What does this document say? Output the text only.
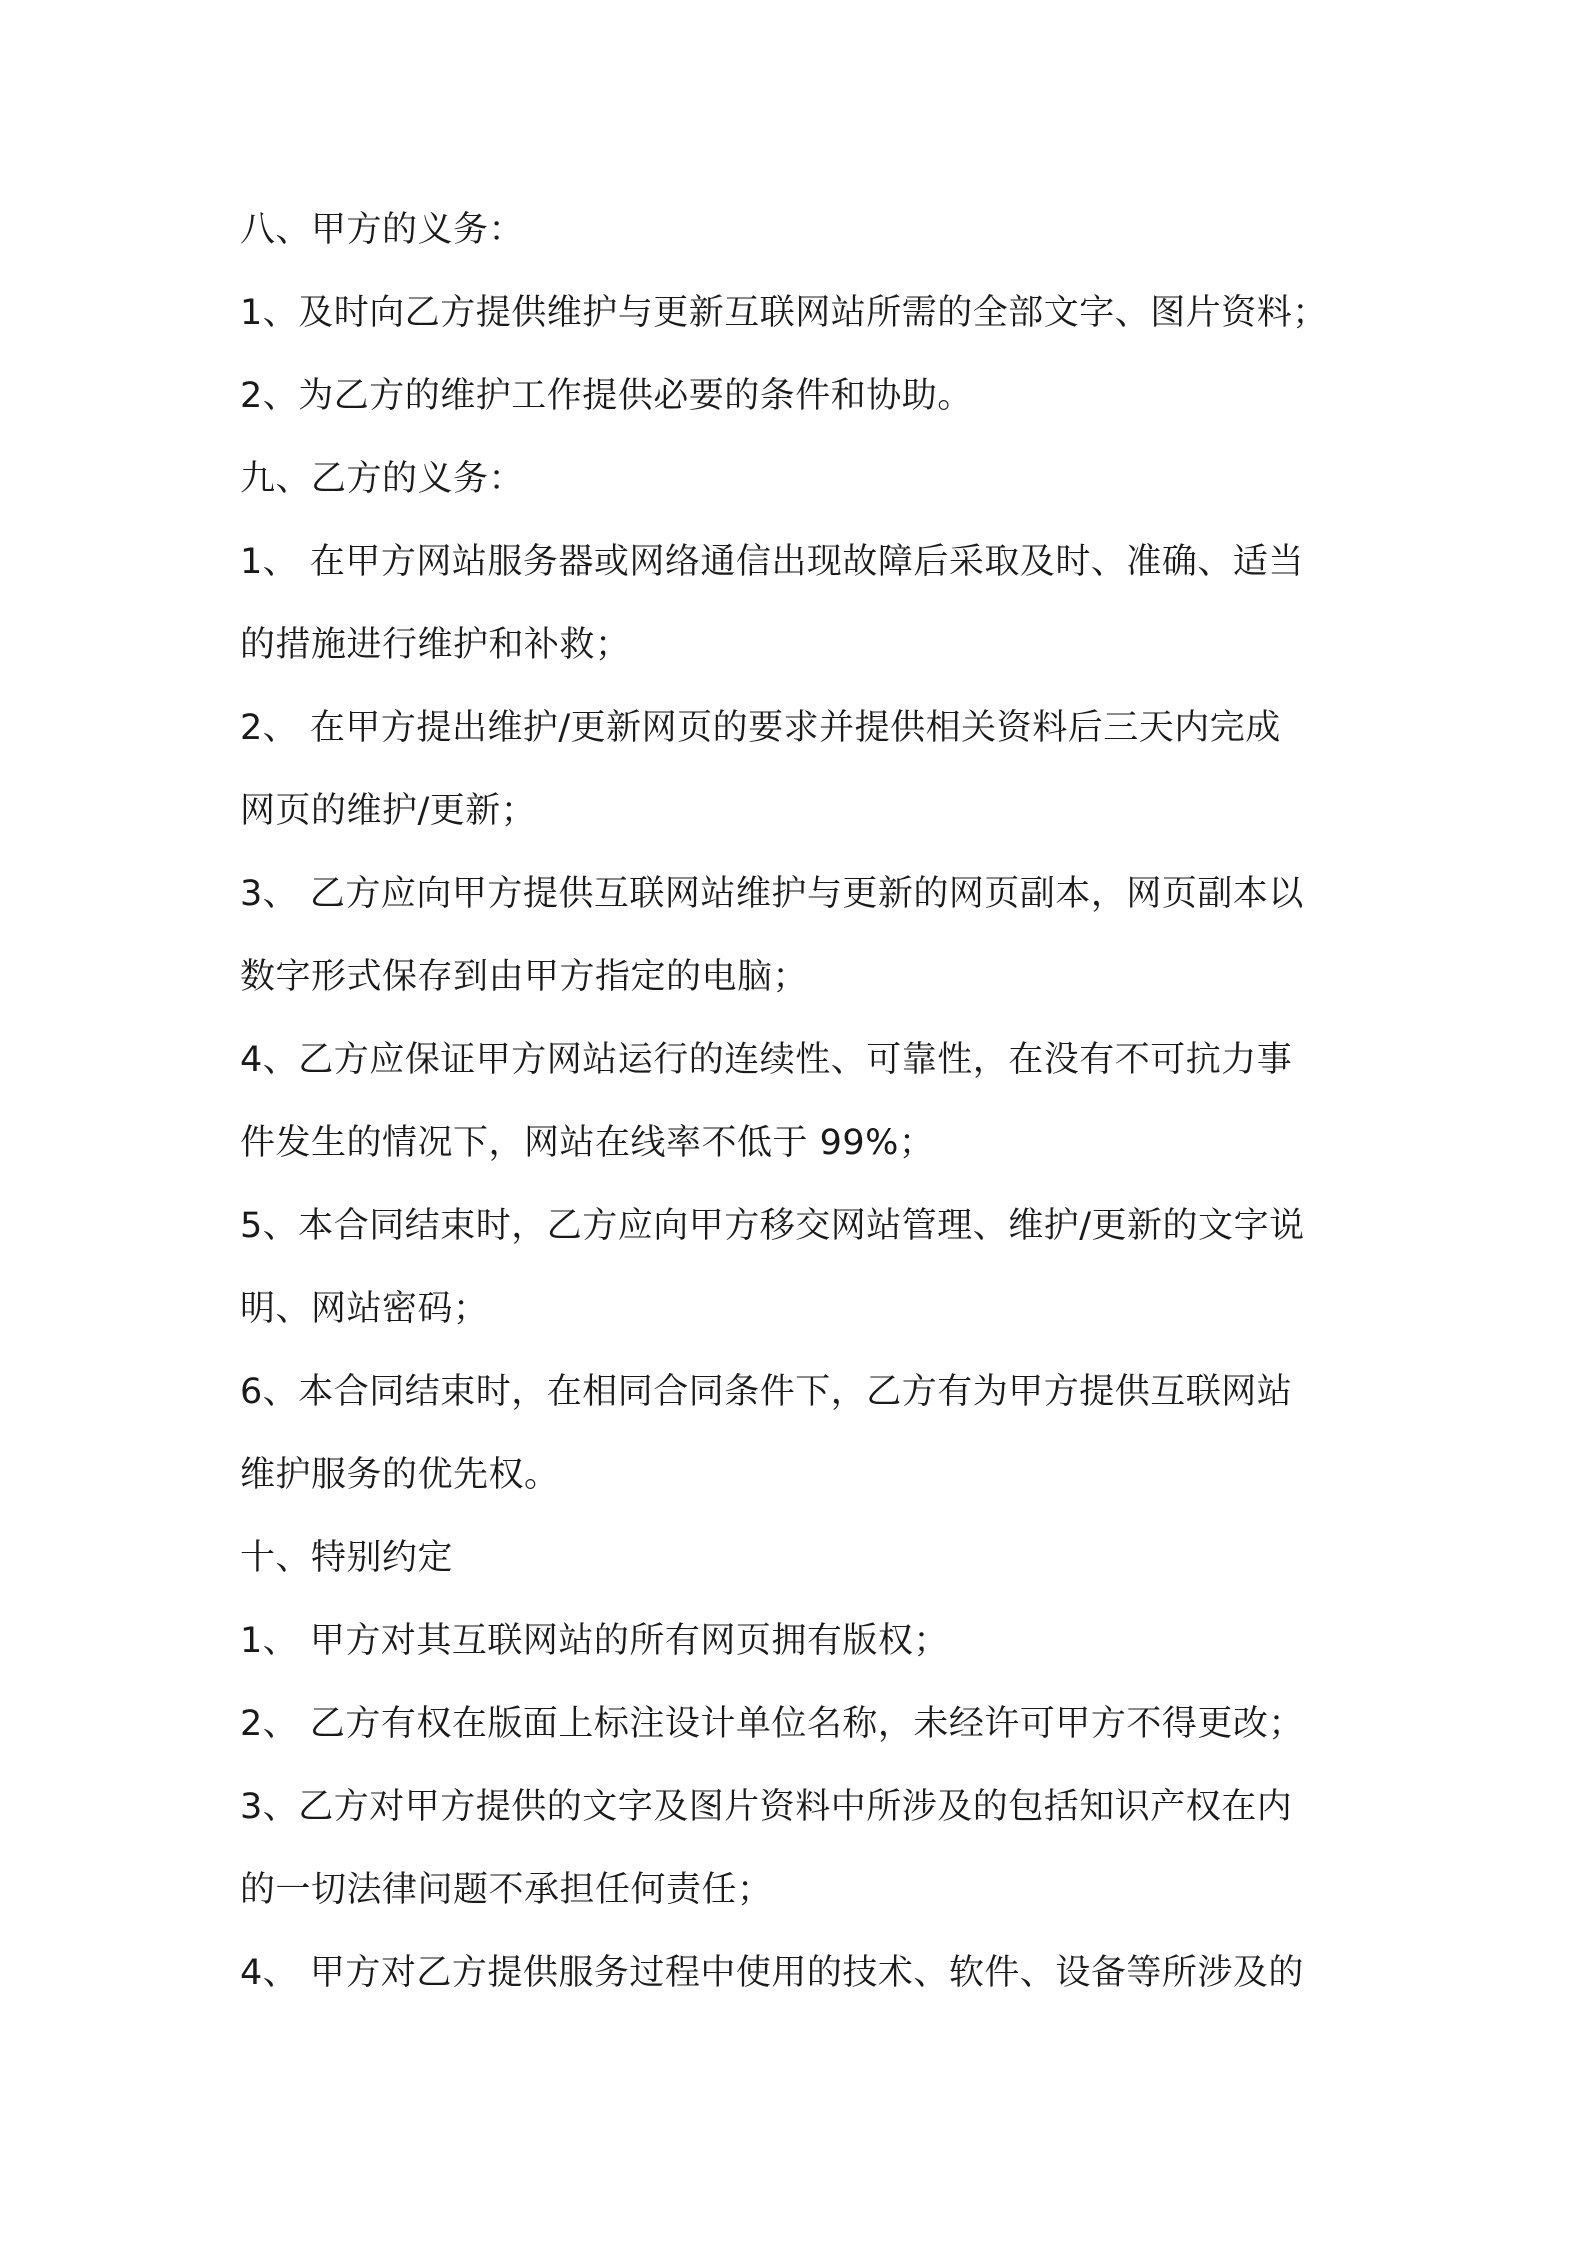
八、甲方的义务：
1、及时向乙方提供维护与更新互联网站所需的全部文字、图片资料；
2、为乙方的维护工作提供必要的条件和协助。
九、乙方的义务：
1、 在甲方网站服务器或网络通信出现故障后采取及时、准确、适当
的措施进行维护和补救；
2、 在甲方提出维护/更新网页的要求并提供相关资料后三天内完成
网页的维护/更新；
3、 乙方应向甲方提供互联网站维护与更新的网页副本，网页副本以
数字形式保存到由甲方指定的电脑；
4、乙方应保证甲方网站运行的连续性、可靠性，在没有不可抗力事
件发生的情况下，网站在线率不低于 99%；
5、本合同结束时，乙方应向甲方移交网站管理、维护/更新的文字说
明、网站密码；
6、本合同结束时，在相同合同条件下，乙方有为甲方提供互联网站
维护服务的优先权。
十、特别约定
1、 甲方对其互联网站的所有网页拥有版权；
2、 乙方有权在版面上标注设计单位名称，未经许可甲方不得更改；
3、乙方对甲方提供的文字及图片资料中所涉及的包括知识产权在内
的一切法律问题不承担任何责任；
4、 甲方对乙方提供服务过程中使用的技术、软件、设备等所涉及的
